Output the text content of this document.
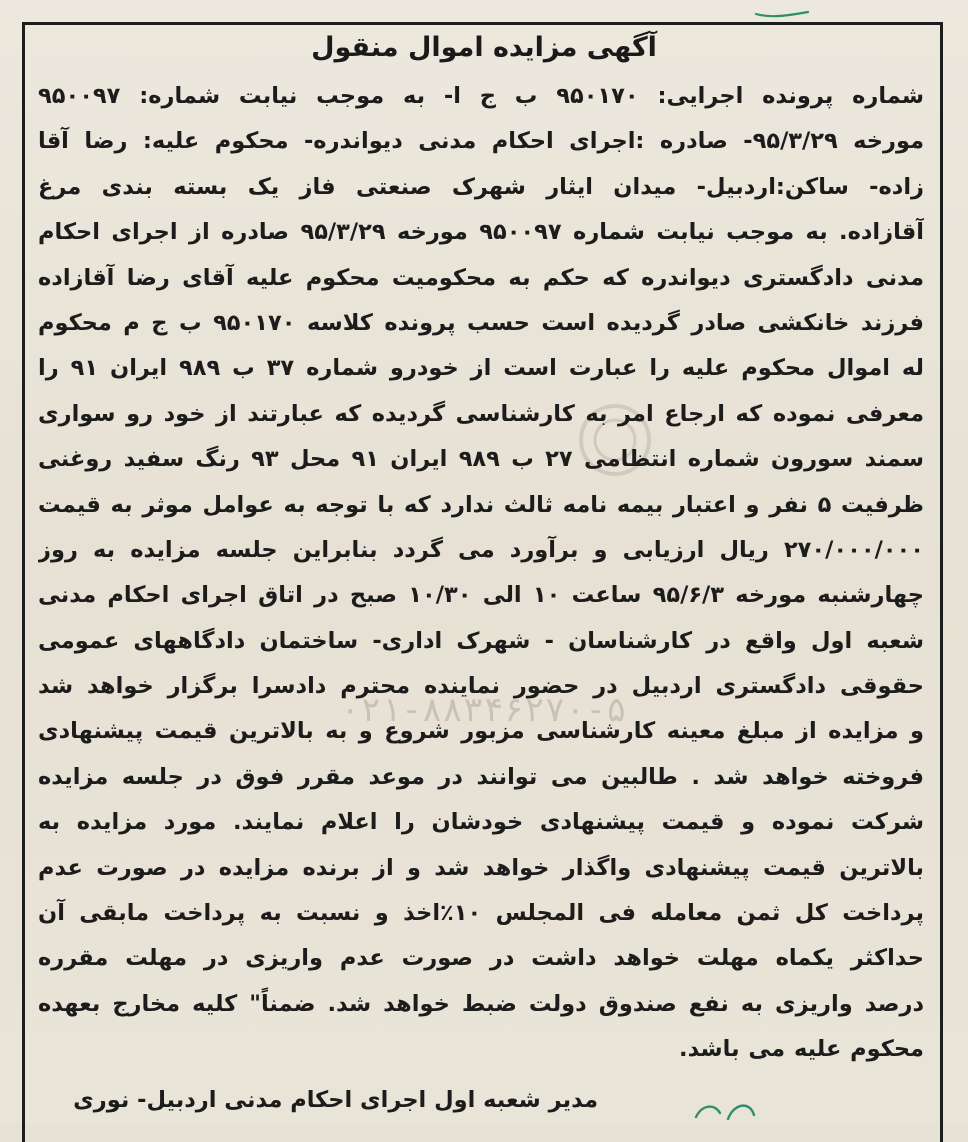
آگهی مزایده اموال منقول
شماره پرونده اجرایی: ۹۵۰۱۷۰ ب ج ا- به موجب نیابت شماره: ۹۵۰۰۹۷
مورخه ۹۵/۳/۲۹- صادره :اجرای احکام مدنی دیواندره- محکوم علیه: رضا آقا
زاده- ساکن:اردبیل- میدان ایثار شهرک صنعتی فاز یک بسته بندی مرغ
آقازاده. به موجب نیابت شماره ۹۵۰۰۹۷ مورخه ۹۵/۳/۲۹ صادره از اجرای احکام
مدنی دادگستری دیواندره که حکم به محکومیت محکوم علیه آقای رضا آقازاده
فرزند خانکشی صادر گردیده است حسب پرونده کلاسه ۹۵۰۱۷۰ ب ج م محکوم
له اموال محکوم علیه را عبارت است از خودرو شماره ۳۷ ب ۹۸۹ ایران ۹۱ را
معرفی نموده که ارجاع امر به کارشناسی گردیده که عبارتند از خود رو سواری
سمند سورون شماره انتظامی ۲۷ ب ۹۸۹ ایران ۹۱ محل ۹۳ رنگ سفید روغنی
ظرفیت ۵ نفر و اعتبار بیمه نامه ثالث ندارد که با توجه به عوامل موثر به قیمت
۲۷۰/۰۰۰/۰۰۰ ریال ارزیابی و برآورد می گردد بنابراین جلسه مزایده به روز
چهارشنبه مورخه ۹۵/۶/۳ ساعت ۱۰ الی ۱۰/۳۰ صبح در اتاق اجرای احکام مدنی
شعبه اول واقع در کارشناسان - شهرک اداری- ساختمان دادگاههای عمومی
حقوقی دادگستری اردبیل در حضور نماینده محترم دادسرا برگزار خواهد شد
و مزایده از مبلغ معینه کارشناسی مزبور شروع و به بالاترین قیمت پیشنهادی
فروخته خواهد شد . طالبین می توانند در موعد مقرر فوق در جلسه مزایده
شرکت نموده و قیمت پیشنهادی خودشان را اعلام نمایند. مورد مزایده به
بالاترین قیمت پیشنهادی واگذار خواهد شد و از برنده مزایده در صورت عدم
پرداخت کل ثمن معامله فی المجلس ۱۰٪اخذ و نسبت به پرداخت مابقی آن
حداکثر یکماه مهلت خواهد داشت در صورت عدم واریزی در مهلت مقرره
درصد واریزی به نفع صندوق دولت ضبط خواهد شد. ضمناً" کلیه مخارج بعهده
محکوم علیه می باشد.
۰۲۱-۸۸۳۴۶۲۷۰-۵
مدیر شعبه اول اجرای احکام مدنی اردبیل- نوری
